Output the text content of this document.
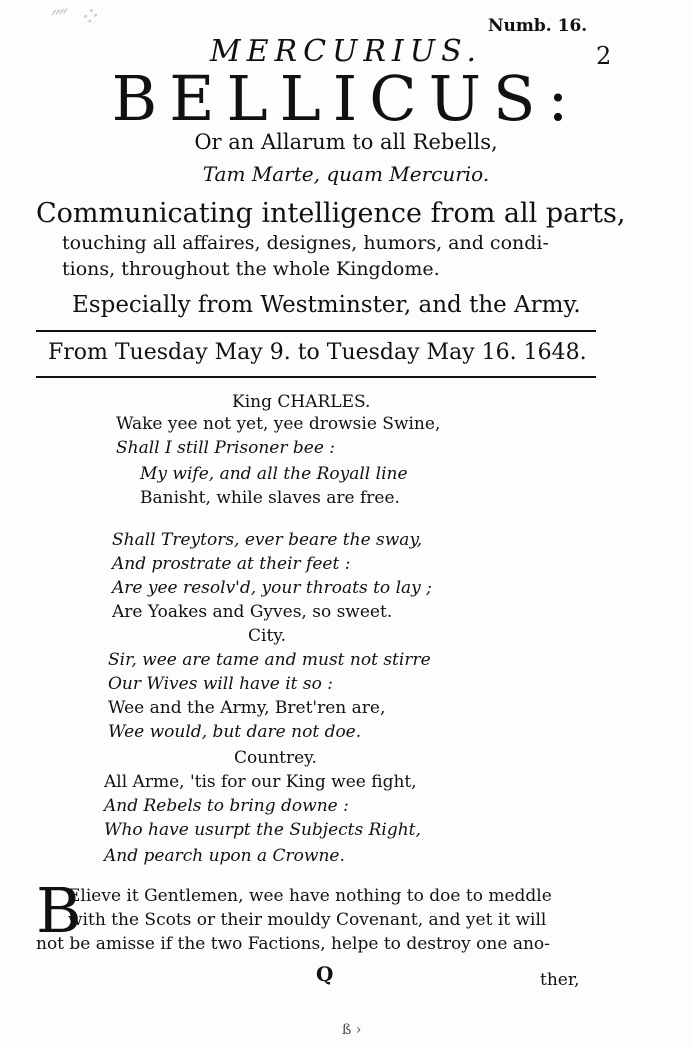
⁗ ⁘	Numb. 16.
2
MERCURIUS.
BELLICUS:
Or an Allarum to all Rebells,
Tam Marte, quam Mercurio.
Communicating intelligence from all parts,
touching all affaires, designes, humors, and condi-
tions, throughout the whole Kingdome.
Especially from Westminster, and the Army.
From Tuesday May 9. to Tuesday May 16. 1648.
King CHARLES.
Wake yee not yet, yee drowsie Swine,
Shall I still Prisoner bee :
My wife, and all the Royall line
Banisht, while slaves are free.
Shall Treytors, ever beare the sway,
And prostrate at their feet :
Are yee resolv'd, your throats to lay ;
Are Yoakes and Gyves, so sweet.
City.
Sir, wee are tame and must not stirre
Our Wives will have it so :
Wee and the Army, Bret'ren are,
Wee would, but dare not doe.
Countrey.
All Arme, 'tis for our King wee fight,
And Rebels to bring downe :
Who have usurpt the Subjects Right,
And pearch upon a Crowne.
B
Elieve it Gentlemen, wee have nothing to doe to meddle
with the Scots or their mouldy Covenant, and yet it will
not be amisse if the two Factions, helpe to destroy one ano-
Q	ther,
ß ›
